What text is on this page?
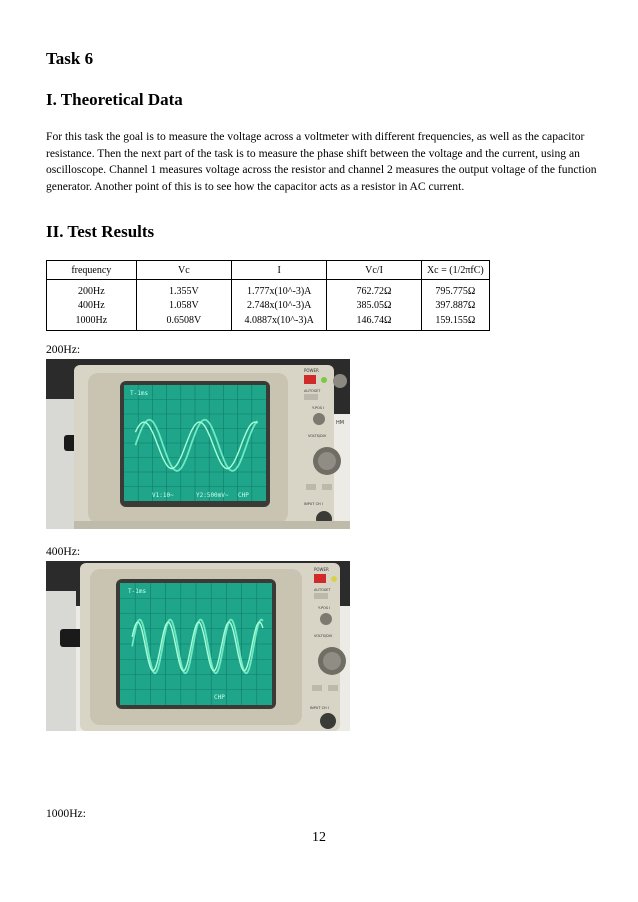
Task 6
I. Theoretical Data

For this task the goal is to measure the voltage across a voltmeter with different frequencies, as well as the capacitor resistance. Then the next part of the task is to measure the phase shift between the voltage and the current, using an oscilloscope. Channel 1 measures voltage across the resistor and channel 2 measures the output voltage of the function generator. Another point of this is to see how the capacitor acts as a resistor in AC current.

II. Test Results
frequency	Vc	I	Vc/I	Xc = (1/2πfC)
200Hz	1.355V	1.777x(10^-3)A	762.72Ω	795.775Ω
400Hz	1.058V	2.748x(10^-3)A	385.05Ω	397.887Ω
1000Hz	0.6508V	4.0887x(10^-3)A	146.74Ω	159.155Ω
200Hz:
T-1ms
V1:10~	Y2:500mV~ CHP
POWER
AUTOSET
Y-POS I
HM
VOLTS/DIV
INPUT CH I
400Hz:
T-1ms
CHP
POWER
AUTOSET
Y-POS I
VOLTS/DIV
INPUT CH I
1000Hz:
12
